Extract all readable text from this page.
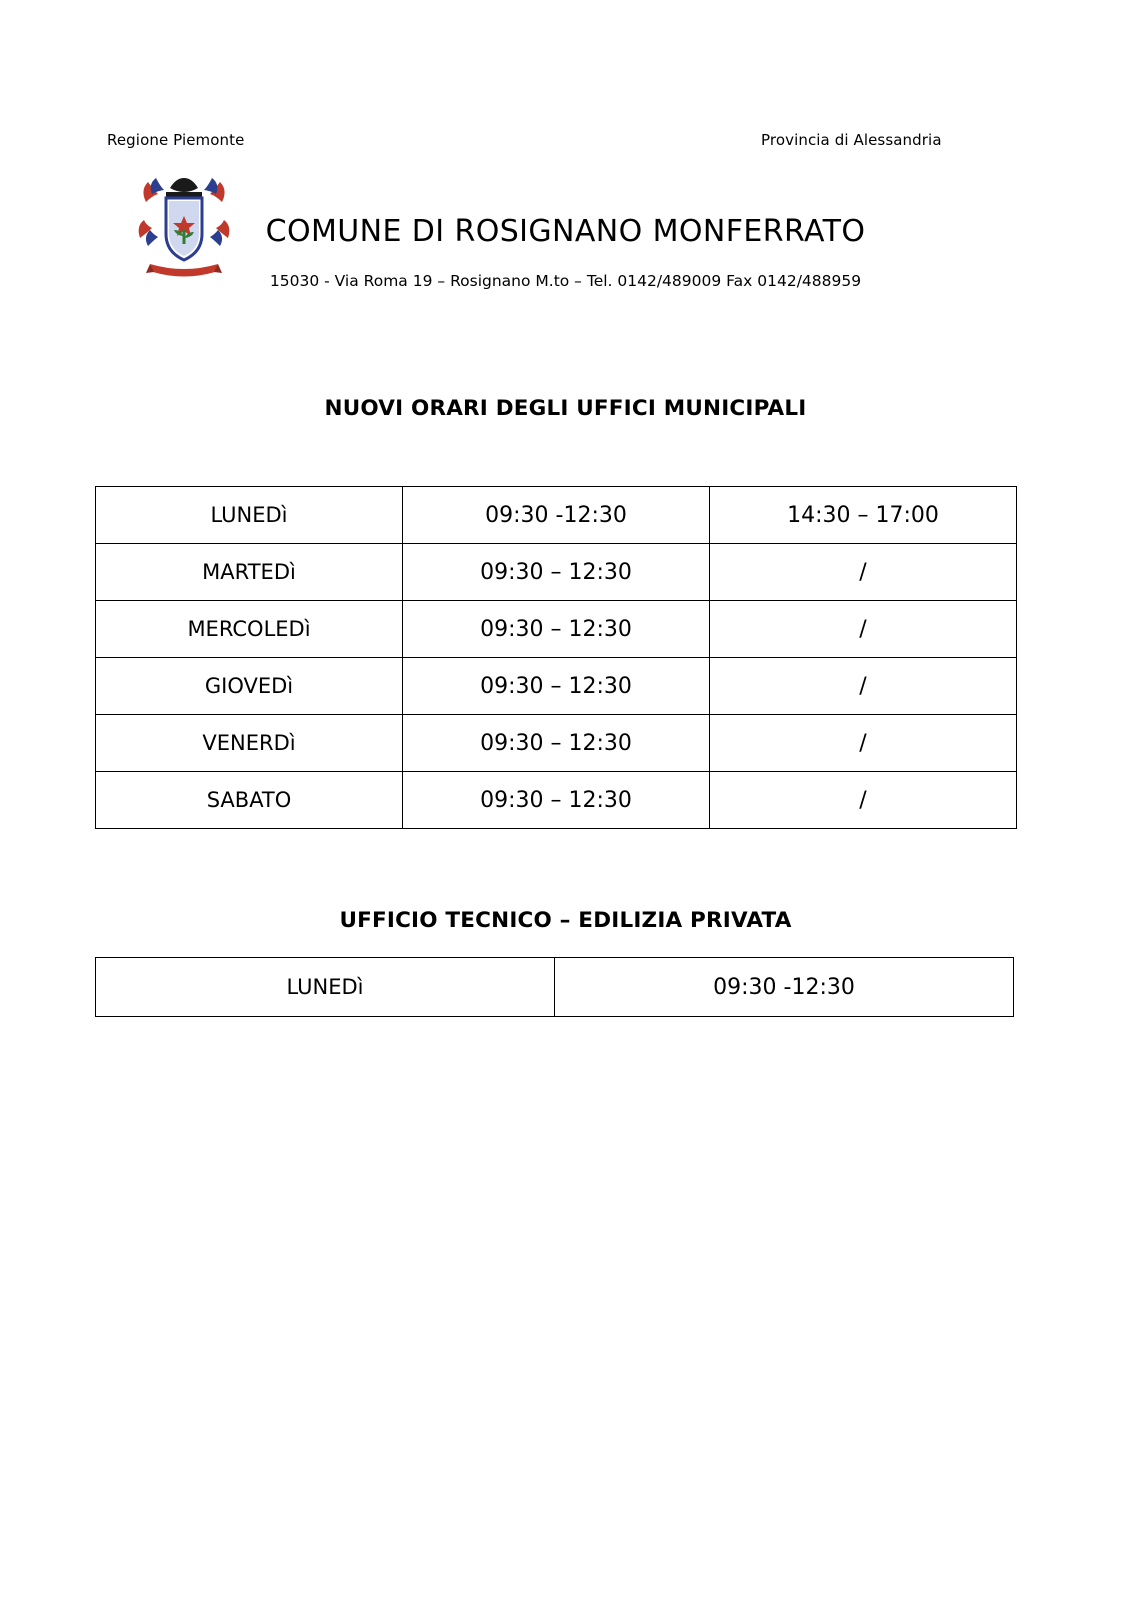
Regione Piemonte	Provincia di Alessandria
COMUNE DI ROSIGNANO MONFERRATO
15030 - Via Roma 19 – Rosignano M.to – Tel. 0142/489009 Fax 0142/488959
NUOVI ORARI DEGLI UFFICI MUNICIPALI
LUNEDì	09:30 -12:30	14:30 – 17:00
MARTEDì	09:30 – 12:30	/
MERCOLEDì	09:30 – 12:30	/
GIOVEDì	09:30 – 12:30	/
VENERDì	09:30 – 12:30	/
SABATO	09:30 – 12:30	/
UFFICIO TECNICO – EDILIZIA PRIVATA
LUNEDì	09:30 -12:30
